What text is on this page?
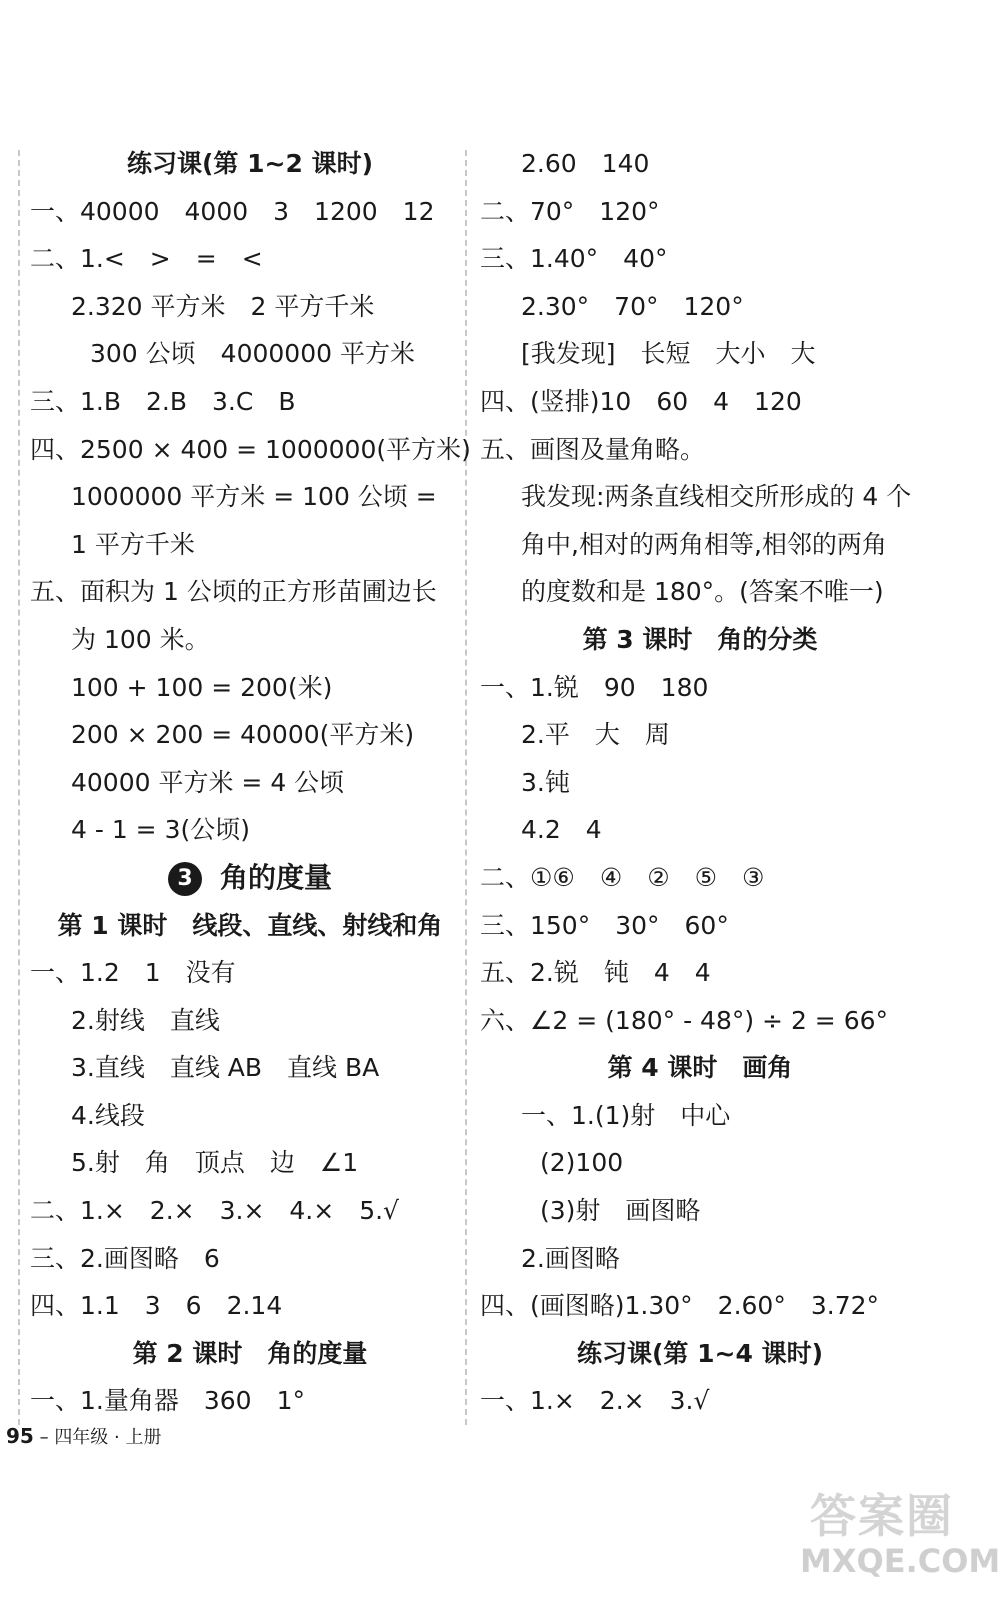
练习课(第 1~2 课时)
一、40000　4000　3　1200　12
二、1.<　>　=　<
2.320 平方米　2 平方千米
300 公顷　4000000 平方米
三、1.B　2.B　3.C　B
四、2500 × 400 = 1000000(平方米)
1000000 平方米 = 100 公顷 =
1 平方千米
五、面积为 1 公顷的正方形苗圃边长
为 100 米。
100 + 100 = 200(米)
200 × 200 = 40000(平方米)
40000 平方米 = 4 公顷
4 - 1 = 3(公顷)
3 角的度量
第 1 课时　线段、直线、射线和角
一、1.2　1　没有
2.射线　直线
3.直线　直线 AB　直线 BA
4.线段
5.射　角　顶点　边　∠1
二、1.×　2.×　3.×　4.×　5.√
三、2.画图略　6
四、1.1　3　6　2.14
第 2 课时　角的度量
一、1.量角器　360　1°
2.60　140
二、70°　120°
三、1.40°　40°
2.30°　70°　120°
[我发现]　长短　大小　大
四、(竖排)10　60　4　120
五、画图及量角略。
我发现:两条直线相交所形成的 4 个
角中,相对的两角相等,相邻的两角
的度数和是 180°。(答案不唯一)
第 3 课时　角的分类
一、1.锐　90　180
2.平　大　周
3.钝
4.2　4
二、①⑥　④　②　⑤　③
三、150°　30°　60°
五、2.锐　钝　4　4
六、∠2 = (180° - 48°) ÷ 2 = 66°
第 4 课时　画角
一、1.(1)射　中心
(2)100
(3)射　画图略
2.画图略
四、(画图略)1.30°　2.60°　3.72°
练习课(第 1~4 课时)
一、1.×　2.×　3.√
95 – 四年级 · 上册
答案圈
MXQE.COM
